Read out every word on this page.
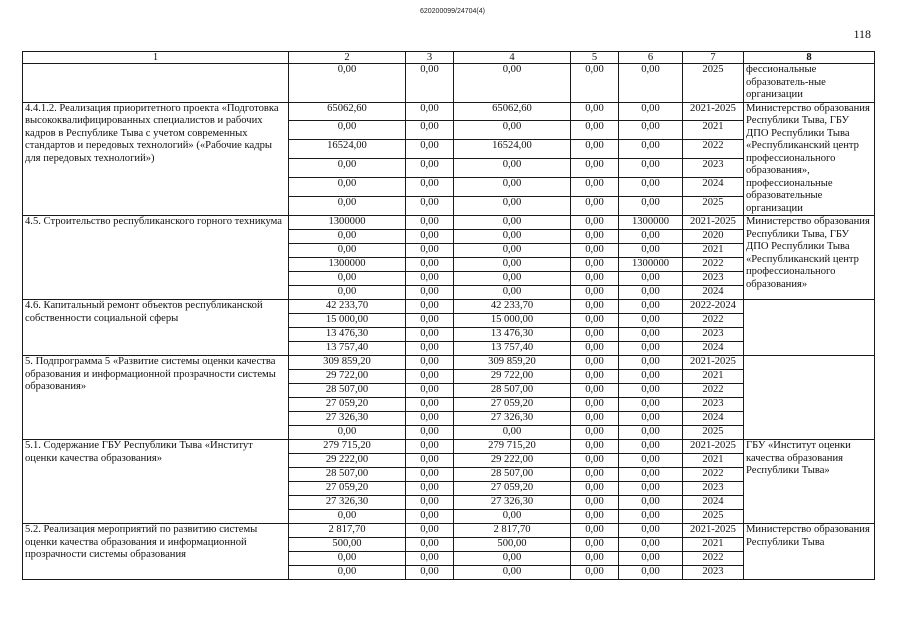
620200099/24704(4)
118
1	2	3	4	5	6	7	8
	0,00	0,00	0,00	0,00	0,00	2025	фессиональные образователь-ные организации
4.4.1.2. Реализация приоритетного проекта «Подготовка высококвалифицированных специалистов и рабочих кадров в Республике Тыва с учетом современных стандартов и передовых технологий» («Рабочие кадры для передовых технологий»)	65062,60	0,00	65062,60	0,00	0,00	2021-2025	Министерство образования Республики Тыва, ГБУ ДПО Республики Тыва «Республиканский центр профессионального образования», профессиональные образовательные организации
	0,00	0,00	0,00	0,00	0,00	2021	
	16524,00	0,00	16524,00	0,00	0,00	2022	
	0,00	0,00	0,00	0,00	0,00	2023	
	0,00	0,00	0,00	0,00	0,00	2024	
	0,00	0,00	0,00	0,00	0,00	2025	
4.5. Строительство республиканского горного техникума	1300000	0,00	0,00	0,00	1300000	2021-2025	Министерство образования Республики Тыва, ГБУ ДПО Республики Тыва «Республиканский центр профессионального образования»
	0,00	0,00	0,00	0,00	0,00	2020	
	0,00	0,00	0,00	0,00	0,00	2021	
	1300000	0,00	0,00	0,00	1300000	2022	
	0,00	0,00	0,00	0,00	0,00	2023	
	0,00	0,00	0,00	0,00	0,00	2024	
4.6. Капитальный ремонт объектов республиканской собственности социальной сферы	42 233,70	0,00	42 233,70	0,00	0,00	2022-2024	
	15 000,00	0,00	15 000,00	0,00	0,00	2022	
	13 476,30	0,00	13 476,30	0,00	0,00	2023	
	13 757,40	0,00	13 757,40	0,00	0,00	2024	
5. Подпрограмма 5 «Развитие системы оценки качества образования и информационной прозрачности системы образования»	309 859,20	0,00	309 859,20	0,00	0,00	2021-2025	
	29 722,00	0,00	29 722,00	0,00	0,00	2021	
	28 507,00	0,00	28 507,00	0,00	0,00	2022	
	27 059,20	0,00	27 059,20	0,00	0,00	2023	
	27 326,30	0,00	27 326,30	0,00	0,00	2024	
	0,00	0,00	0,00	0,00	0,00	2025	
5.1. Содержание ГБУ Республики Тыва «Институт оценки качества образования»	279 715,20	0,00	279 715,20	0,00	0,00	2021-2025	ГБУ «Институт оценки качества образования Республики Тыва»
	29 222,00	0,00	29 222,00	0,00	0,00	2021	
	28 507,00	0,00	28 507,00	0,00	0,00	2022	
	27 059,20	0,00	27 059,20	0,00	0,00	2023	
	27 326,30	0,00	27 326,30	0,00	0,00	2024	
	0,00	0,00	0,00	0,00	0,00	2025	
5.2. Реализация мероприятий по развитию системы оценки качества образования и информационной прозрачности системы образования	2 817,70	0,00	2 817,70	0,00	0,00	2021-2025	Министерство образования Республики Тыва
	500,00	0,00	500,00	0,00	0,00	2021	
	0,00	0,00	0,00	0,00	0,00	2022	
	0,00	0,00	0,00	0,00	0,00	2023	
